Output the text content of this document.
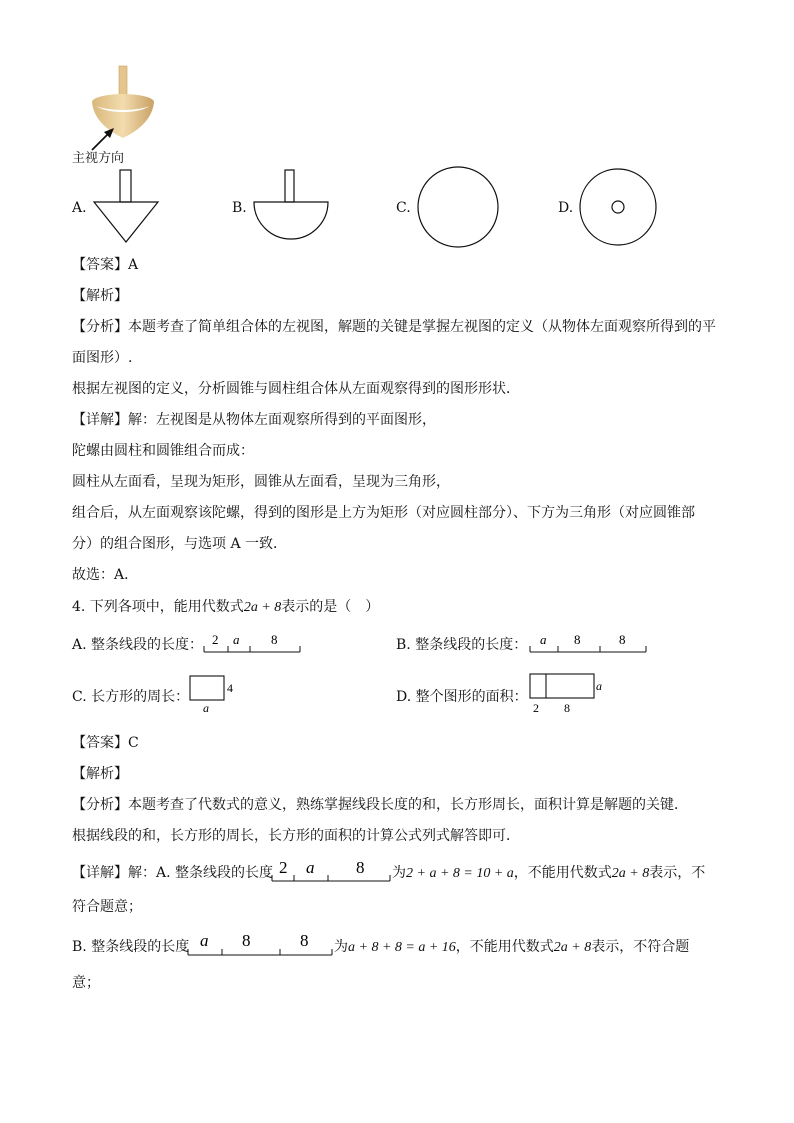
主视方向
A.	B.	C.	D.
【答案】A
【解析】
【分析】本题考查了简单组合体的左视图，解题的关键是掌握左视图的定义（从物体左面观察所得到的平
面图形）.
根据左视图的定义，分析圆锥与圆柱组合体从左面观察得到的图形形状．
【详解】解：左视图是从物体左面观察所得到的平面图形，
陀螺由圆柱和圆锥组合而成：
圆柱从左面看，呈现为矩形，圆锥从左面看，呈现为三角形，
组合后，从左面观察该陀螺，得到的图形是上方为矩形（对应圆柱部分）、下方为三角形（对应圆锥部
分）的组合图形，与选项 A 一致．
故选：A．
4. 下列各项中，能用代数式2a + 8表示的是（　）
A. 整条线段的长度： 2 a 8	B. 整条线段的长度： a 8	8
C. 长方形的周长：
4
a
D. 整个图形的面积：
a
2 8
【答案】C
【解析】
【分析】本题考查了代数式的意义，熟练掌握线段长度的和，长方形周长，面积计算是解题的关键．
根据线段的和，长方形的周长，长方形的面积的计算公式列式解答即可．
【详解】解：A. 整条线段的长度 2 a 8 为2 + a + 8 = 10 + a，不能用代数式2a + 8表示，不
符合题意；
B. 整条线段的长度 a 8	8 为a + 8 + 8 = a + 16，不能用代数式2a + 8表示，不符合题
意；
